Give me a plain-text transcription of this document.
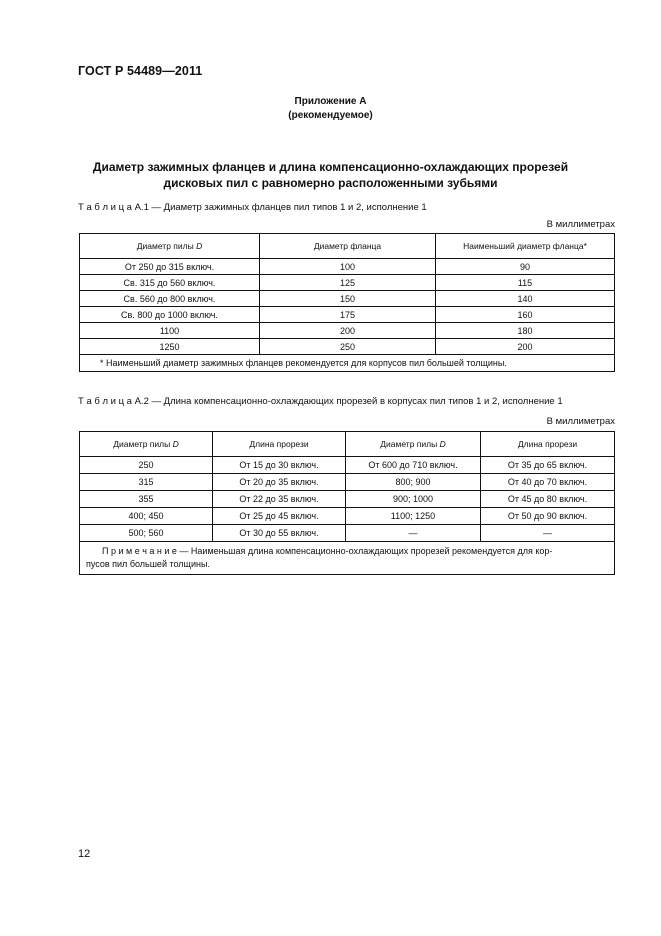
ГОСТ Р 54489—2011
Приложение А
(рекомендуемое)
Диаметр зажимных фланцев и длина компенсационно-охлаждающих прорезей
дисковых пил с равномерно расположенными зубьями
Т а б л и ц а А.1 — Диаметр зажимных фланцев пил типов 1 и 2, исполнение 1
В миллиметрах
Диаметр пилы D	Диаметр фланца	Наименьший диаметр фланца*
От 250 до 315 включ.	100	90
Св. 315 до 560 включ.	125	115
Св. 560 до 800 включ.	150	140
Св. 800 до 1000 включ.	175	160
1100	200	180
1250	250	200
* Наименьший диаметр зажимных фланцев рекомендуется для корпусов пил большей толщины.		
Т а б л и ц а А.2 — Длина компенсационно-охлаждающих прорезей в корпусах пил типов 1 и 2, исполнение 1
В миллиметрах
Диаметр пилы D	Длина прорези	Диаметр пилы D	Длина прорези
250	От 15 до 30 включ.	От 600 до 710 включ.	От 35 до 65 включ.
315	От 20 до 35 включ.	800; 900	От 40 до 70 включ.
355	От 22 до 35 включ.	900; 1000	От 45 до 80 включ.
400; 450	От 25 до 45 включ.	1100; 1250	От 50 до 90 включ.
500; 560	От 30 до 55 включ.	—	—

П р и м е ч а н и е — Наименьшая длина компенсационно-охлаждающих прорезей рекомендуется для кор-
пусов пил большей толщины.			
12
